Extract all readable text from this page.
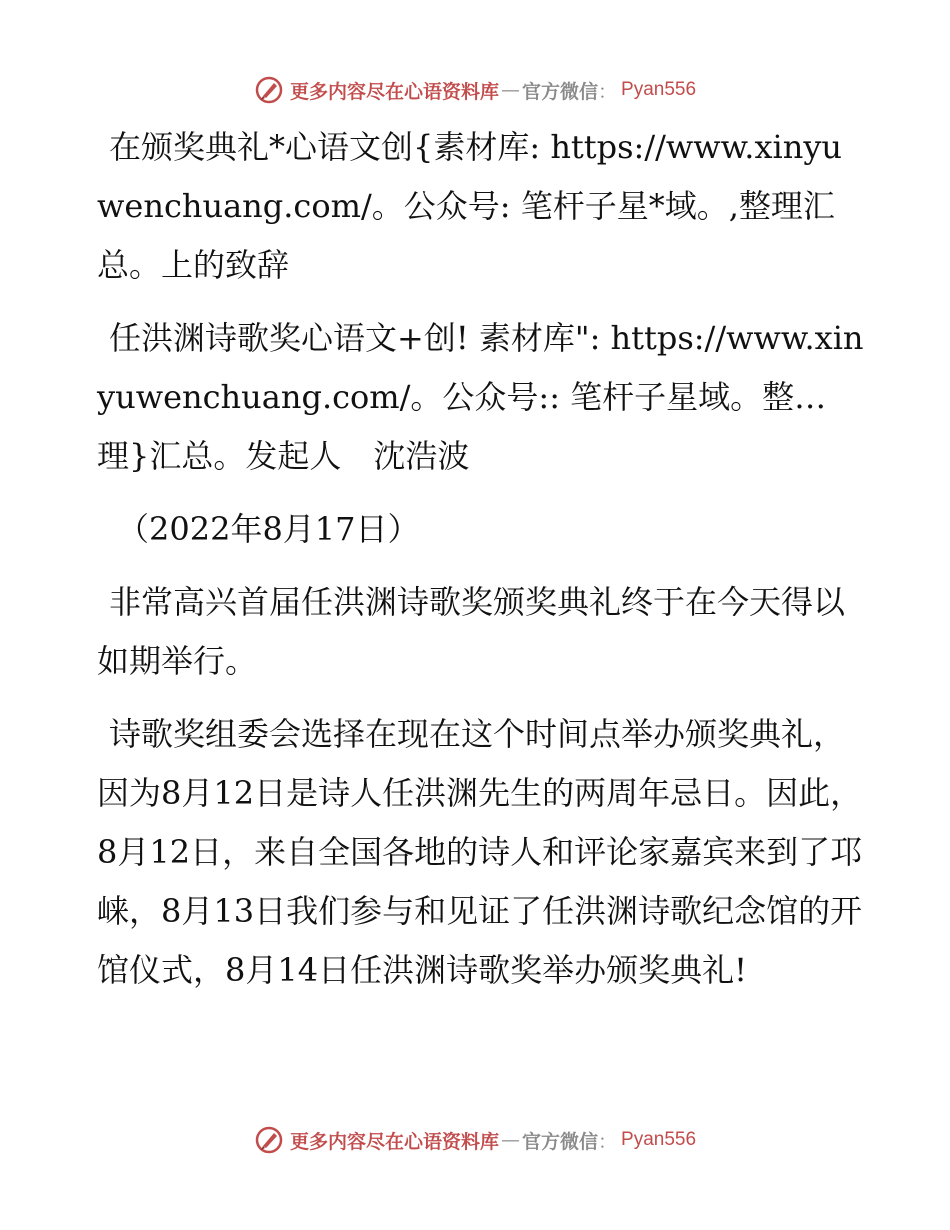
更多内容尽在心语资料库 — 官方微信 ： Pyan556

在颁奖典礼*心语文创{素材库: https://www.xinyuwenchuang.com/。公众号: 笔杆子星*域。,整理汇总。上的致辞

任洪渊诗歌奖心语文+创! 素材库": https://www.xinyuwenchuang.com/。公众号:: 笔杆子星域。整…理}汇总。发起人　沈浩波

（2022年8月17日）

非常高兴首届任洪渊诗歌奖颁奖典礼终于在今天得以如期举行。

诗歌奖组委会选择在现在这个时间点举办颁奖典礼，因为8月12日是诗人任洪渊先生的两周年忌日。因此，8月12日，来自全国各地的诗人和评论家嘉宾来到了邛崃，8月13日我们参与和见证了任洪渊诗歌纪念馆的开馆仪式，8月14日任洪渊诗歌奖举办颁奖典礼!

更多内容尽在心语资料库 — 官方微信 ： Pyan556
